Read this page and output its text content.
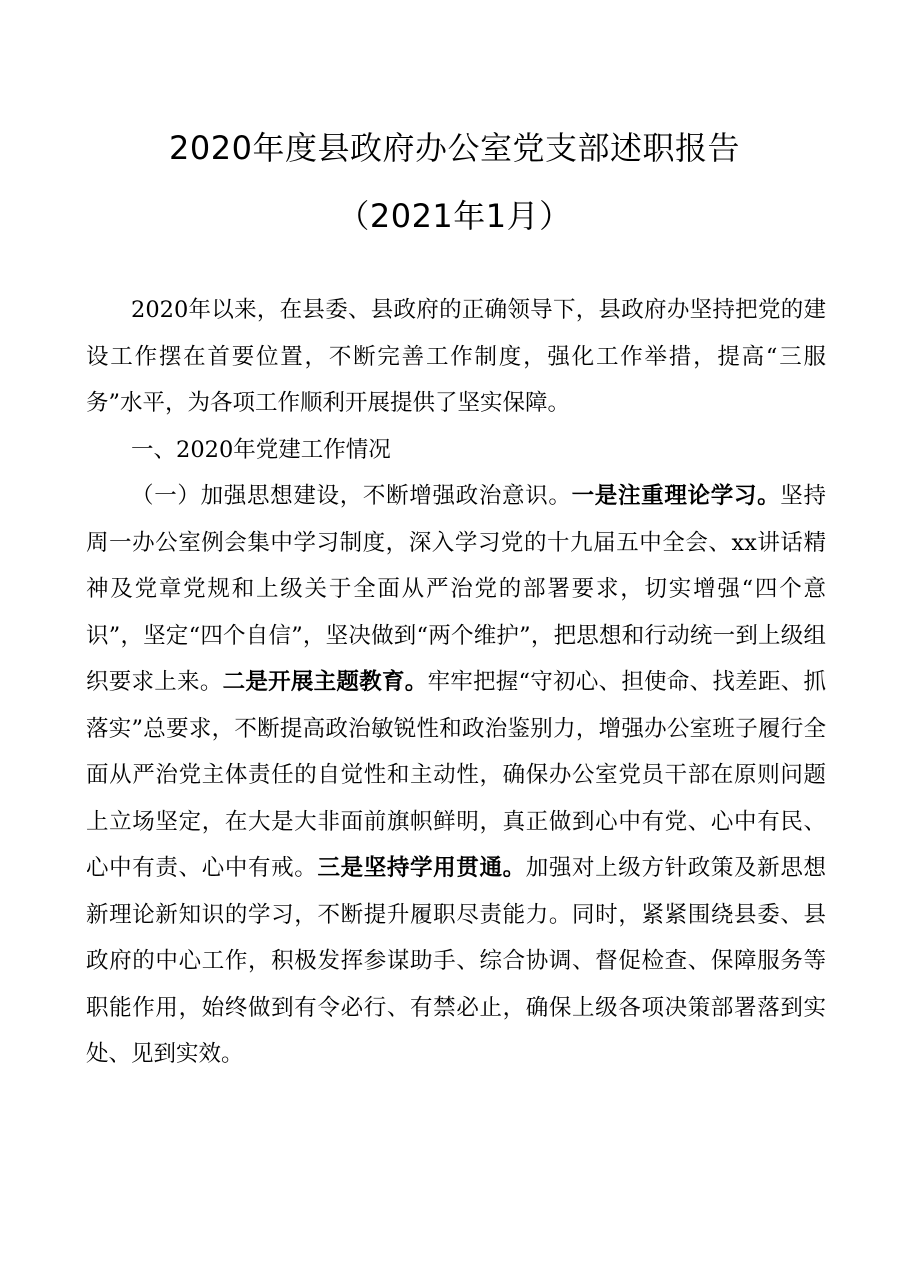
2020年度县政府办公室党支部述职报告
（2021年1月）

2020年以来，在县委、县政府的正确领导下，县政府办坚持把党的建设工作摆在首要位置，不断完善工作制度，强化工作举措，提高“三服务”水平，为各项工作顺利开展提供了坚实保障。

一、2020年党建工作情况

（一）加强思想建设，不断增强政治意识。一是注重理论学习。坚持周一办公室例会集中学习制度，深入学习党的十九届五中全会、xx讲话精神及党章党规和上级关于全面从严治党的部署要求，切实增强“四个意识”，坚定“四个自信”，坚决做到“两个维护”，把思想和行动统一到上级组织要求上来。二是开展主题教育。牢牢把握“守初心、担使命、找差距、抓落实”总要求，不断提高政治敏锐性和政治鉴别力，增强办公室班子履行全面从严治党主体责任的自觉性和主动性，确保办公室党员干部在原则问题上立场坚定，在大是大非面前旗帜鲜明，真正做到心中有党、心中有民、心中有责、心中有戒。三是坚持学用贯通。加强对上级方针政策及新思想新理论新知识的学习，不断提升履职尽责能力。同时，紧紧围绕县委、县政府的中心工作，积极发挥参谋助手、综合协调、督促检查、保障服务等职能作用，始终做到有令必行、有禁必止，确保上级各项决策部署落到实处、见到实效。
